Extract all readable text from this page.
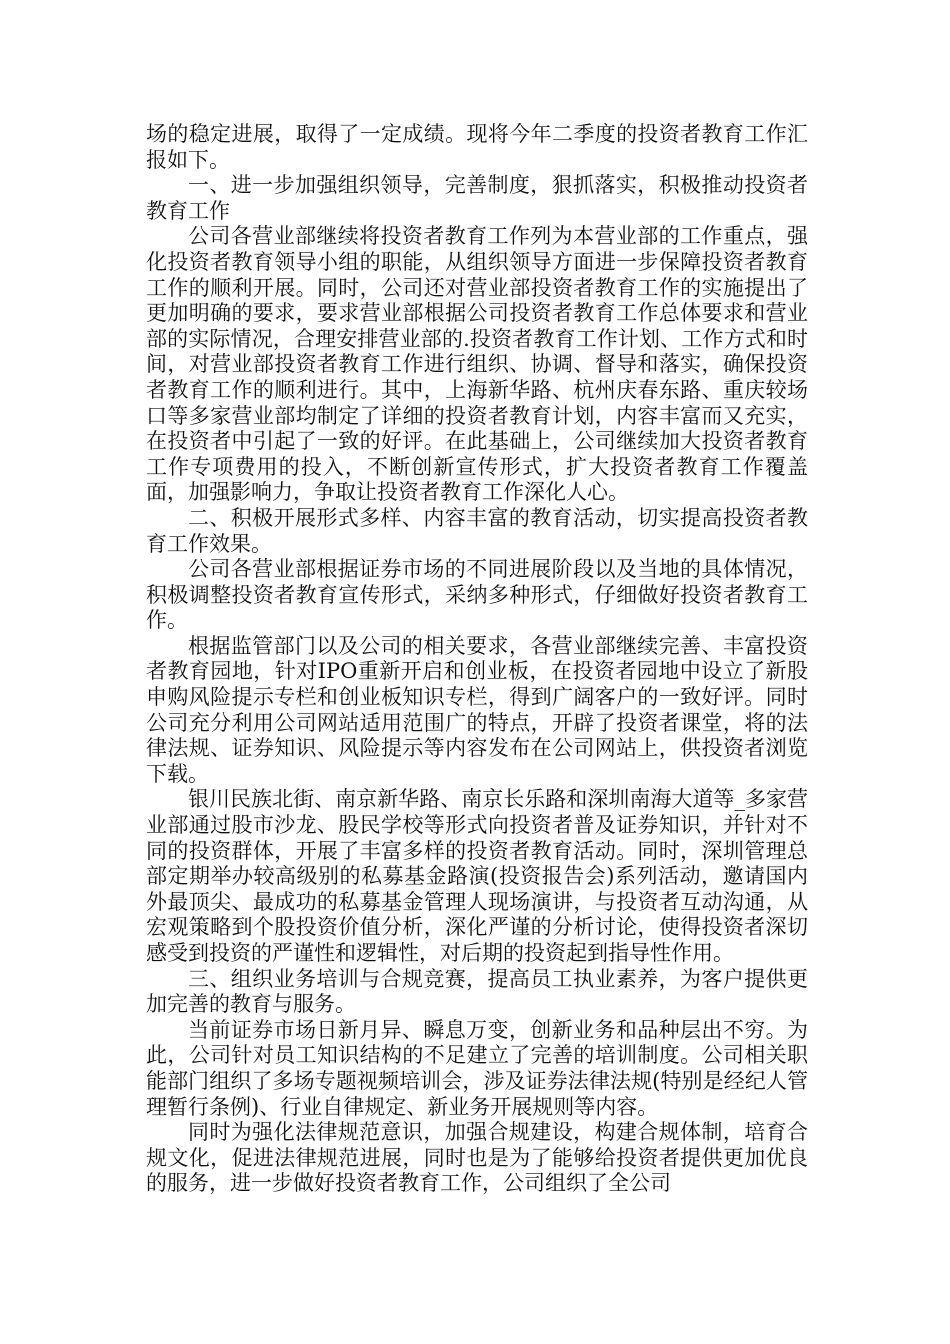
场的稳定进展，取得了一定成绩。现将今年二季度的投资者教育工作汇报如下。

一、进一步加强组织领导，完善制度，狠抓落实，积极推动投资者教育工作

公司各营业部继续将投资者教育工作列为本营业部的工作重点，强化投资者教育领导小组的职能，从组织领导方面进一步保障投资者教育工作的顺利开展。同时，公司还对营业部投资者教育工作的实施提出了更加明确的要求，要求营业部根据公司投资者教育工作总体要求和营业部的实际情况，合理安排营业部的.投资者教育工作计划、工作方式和时间，对营业部投资者教育工作进行组织、协调、督导和落实，确保投资者教育工作的顺利进行。其中，上海新华路、杭州庆春东路、重庆较场口等多家营业部均制定了详细的投资者教育计划，内容丰富而又充实，在投资者中引起了一致的好评。在此基础上，公司继续加大投资者教育工作专项费用的投入，不断创新宣传形式，扩大投资者教育工作覆盖面，加强影响力，争取让投资者教育工作深化人心。

二、积极开展形式多样、内容丰富的教育活动，切实提高投资者教育工作效果。

公司各营业部根据证券市场的不同进展阶段以及当地的具体情况，积极调整投资者教育宣传形式，采纳多种形式，仔细做好投资者教育工作。

根据监管部门以及公司的相关要求，各营业部继续完善、丰富投资者教育园地，针对IPO重新开启和创业板，在投资者园地中设立了新股申购风险提示专栏和创业板知识专栏，得到广阔客户的一致好评。同时公司充分利用公司网站适用范围广的特点，开辟了投资者课堂，将的法律法规、证券知识、风险提示等内容发布在公司网站上，供投资者浏览下载。

银川民族北街、南京新华路、南京长乐路和深圳南海大道等_多家营业部通过股市沙龙、股民学校等形式向投资者普及证券知识，并针对不同的投资群体，开展了丰富多样的投资者教育活动。同时，深圳管理总部定期举办较高级别的私募基金路演(投资报告会)系列活动，邀请国内外最顶尖、最成功的私募基金管理人现场演讲，与投资者互动沟通，从宏观策略到个股投资价值分析，深化严谨的分析讨论，使得投资者深切感受到投资的严谨性和逻辑性，对后期的投资起到指导性作用。

三、组织业务培训与合规竞赛，提高员工执业素养，为客户提供更加完善的教育与服务。

当前证券市场日新月异、瞬息万变，创新业务和品种层出不穷。为此，公司针对员工知识结构的不足建立了完善的培训制度。公司相关职能部门组织了多场专题视频培训会，涉及证券法律法规(特别是经纪人管理暂行条例)、行业自律规定、新业务开展规则等内容。

同时为强化法律规范意识，加强合规建设，构建合规体制，培育合规文化，促进法律规范进展，同时也是为了能够给投资者提供更加优良的服务，进一步做好投资者教育工作，公司组织了全公司
